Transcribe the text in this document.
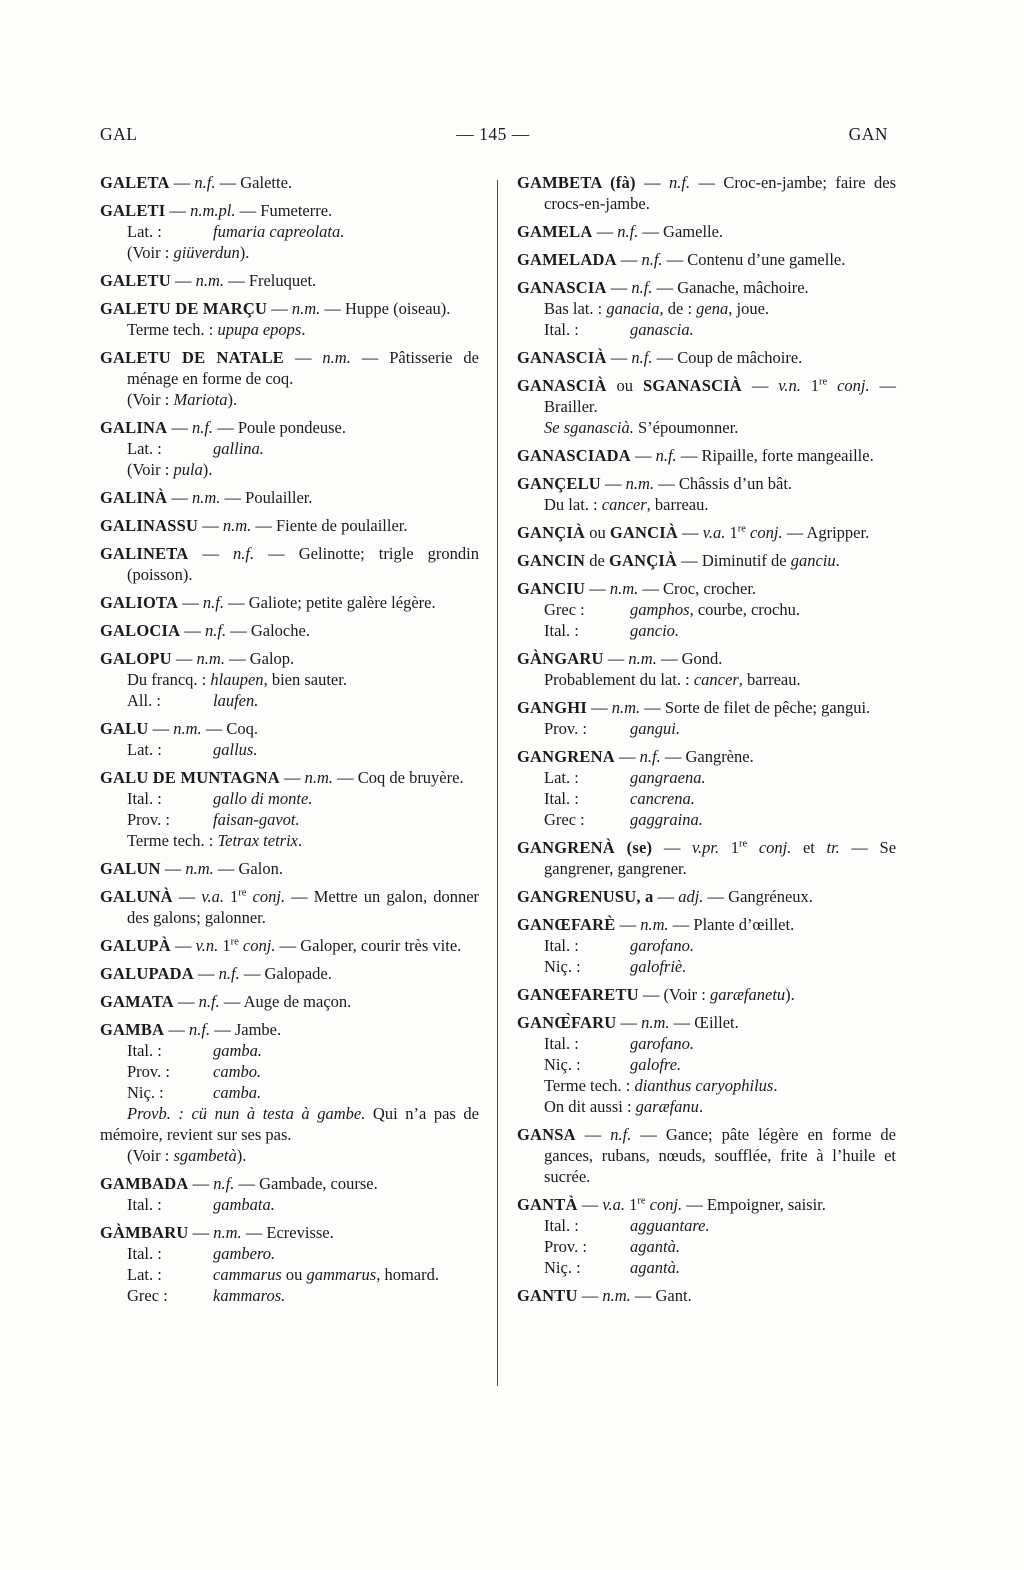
GAL	— 145 —	GAN

GALETA — n.f. — Galette.

GALETI — n.m.pl. — Fumeterre.

Lat. :	fumaria capreolata.

(Voir : giüverdun).

GALETU — n.m. — Freluquet.

GALETU DE MARÇU — n.m. — Huppe (oiseau).

Terme tech. : upupa epops.

GALETU DE NATALE — n.m. — Pâtisserie de ménage en forme de coq.

(Voir : Mariota).

GALINA — n.f. — Poule pondeuse.

Lat. :	gallina.

(Voir : pula).

GALINÀ — n.m. — Poulailler.

GALINASSU — n.m. — Fiente de poulailler.

GALINETA — n.f. — Gelinotte; trigle grondin (poisson).

GALIOTA — n.f. — Galiote; petite galère légère.

GALOCIA — n.f. — Galoche.

GALOPU — n.m. — Galop.

Du francq. : hlaupen, bien sauter.

All. :	laufen.

GALU — n.m. — Coq.

Lat. :	gallus.

GALU DE MUNTAGNA — n.m. — Coq de bruyère.

Ital. :	gallo di monte.

Prov. :	faisan-gavot.

Terme tech. : Tetrax tetrix.

GALUN — n.m. — Galon.

GALUNÀ — v.a. 1re conj. — Mettre un galon, donner des galons; galonner.

GALUPÀ — v.n. 1re conj. — Galoper, courir très vite.

GALUPADA — n.f. — Galopade.

GAMATA — n.f. — Auge de maçon.

GAMBA — n.f. — Jambe.

Ital. :	gamba.

Prov. :	cambo.

Niç. :	camba.

Provb. : cü nun à testa à gambe. Qui n’a pas de mémoire, revient sur ses pas.

(Voir : sgambetà).

GAMBADA — n.f. — Gambade, course.

Ital. :	gambata.

GÀMBARU — n.m. — Ecrevisse.

Ital. :	gambero.

Lat. :	cammarus ou gammarus, homard.

Grec :	kammaros.

GAMBETA (fà) — n.f. — Croc-en-jambe; faire des crocs-en-jambe.

GAMELA — n.f. — Gamelle.

GAMELADA — n.f. — Contenu d’une gamelle.

GANASCIA — n.f. — Ganache, mâchoire.

Bas lat. : ganacia, de : gena, joue.

Ital. :	ganascia.

GANASCIÀ — n.f. — Coup de mâchoire.

GANASCIÀ ou SGANASCIÀ — v.n. 1re conj. — Brailler.

Se sganascià. S’époumonner.

GANASCIADA — n.f. — Ripaille, forte mangeaille.

GANÇELU — n.m. — Châssis d’un bât.

Du lat. : cancer, barreau.

GANÇIÀ ou GANCIÀ — v.a. 1re conj. — Agripper.

GANCIN de GANÇIÀ — Diminutif de ganciu.

GANCIU — n.m. — Croc, crocher.

Grec :	gamphos, courbe, crochu.

Ital. :	gancio.

GÀNGARU — n.m. — Gond.

Probablement du lat. : cancer, barreau.

GANGHI — n.m. — Sorte de filet de pêche; gangui.

Prov. :	gangui.

GANGRENA — n.f. — Gangrène.

Lat. :	gangraena.

Ital. :	cancrena.

Grec :	gaggraina.

GANGRENÀ (se) — v.pr. 1re conj. et tr. — Se gangrener, gangrener.

GANGRENUSU, a — adj. — Gangréneux.

GANŒFARÈ — n.m. — Plante d’œillet.

Ital. :	garofano.

Niç. :	galofriè.

GANŒFARETU — (Voir : garæfanetu).

GANŒ̀FARU — n.m. — Œillet.

Ital. :	garofano.

Niç. :	galofre.

Terme tech. : dianthus caryophilus.

On dit aussi : garæfanu.

GANSA — n.f. — Gance; pâte légère en forme de gances, rubans, nœuds, soufflée, frite à l’huile et sucrée.

GANTÀ — v.a. 1re conj. — Empoigner, saisir.

Ital. :	agguantare.

Prov. :	agantà.

Niç. :	agantà.

GANTU — n.m. — Gant.
